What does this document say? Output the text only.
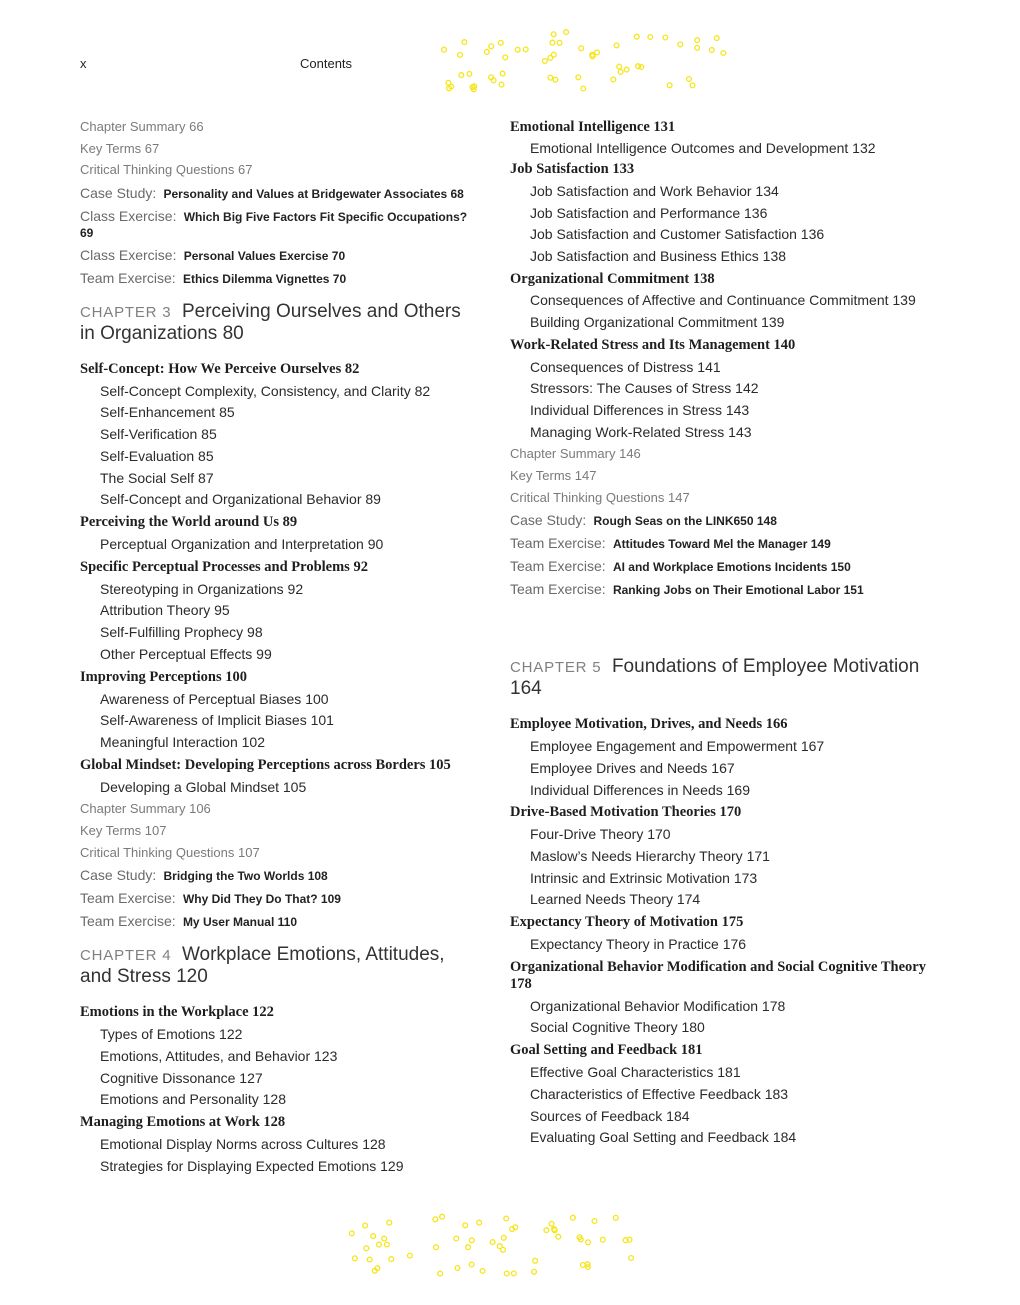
x	Contents
Chapter Summary 66
Key Terms 67
Critical Thinking Questions 67
Case Study: Personality and Values at Bridgewater Associates 68
Class Exercise: Which Big Five Factors Fit Specific Occupations? 69
Class Exercise: Personal Values Exercise 70
Team Exercise: Ethics Dilemma Vignettes 70
CHAPTER 3 Perceiving Ourselves and Others in Organizations 80
Self-Concept: How We Perceive Ourselves 82
Self-Concept Complexity, Consistency, and Clarity 82
Self-Enhancement 85
Self-Verification 85
Self-Evaluation 85
The Social Self 87
Self-Concept and Organizational Behavior 89
Perceiving the World around Us 89
Perceptual Organization and Interpretation 90
Specific Perceptual Processes and Problems 92
Stereotyping in Organizations 92
Attribution Theory 95
Self-Fulfilling Prophecy 98
Other Perceptual Effects 99
Improving Perceptions 100
Awareness of Perceptual Biases 100
Self-Awareness of Implicit Biases 101
Meaningful Interaction 102
Global Mindset: Developing Perceptions across Borders 105
Developing a Global Mindset 105
Chapter Summary 106
Key Terms 107
Critical Thinking Questions 107
Case Study: Bridging the Two Worlds 108
Team Exercise: Why Did They Do That? 109
Team Exercise: My User Manual 110
CHAPTER 4 Workplace Emotions, Attitudes, and Stress 120
Emotions in the Workplace 122
Types of Emotions 122
Emotions, Attitudes, and Behavior 123
Cognitive Dissonance 127
Emotions and Personality 128
Managing Emotions at Work 128
Emotional Display Norms across Cultures 128
Strategies for Displaying Expected Emotions 129
Emotional Intelligence 131
Emotional Intelligence Outcomes and Development 132
Job Satisfaction 133
Job Satisfaction and Work Behavior 134
Job Satisfaction and Performance 136
Job Satisfaction and Customer Satisfaction 136
Job Satisfaction and Business Ethics 138
Organizational Commitment 138
Consequences of Affective and Continuance Commitment 139
Building Organizational Commitment 139
Work-Related Stress and Its Management 140
Consequences of Distress 141
Stressors: The Causes of Stress 142
Individual Differences in Stress 143
Managing Work-Related Stress 143
Chapter Summary 146
Key Terms 147
Critical Thinking Questions 147
Case Study: Rough Seas on the LINK650 148
Team Exercise: Attitudes Toward Mel the Manager 149
Team Exercise: AI and Workplace Emotions Incidents 150
Team Exercise: Ranking Jobs on Their Emotional Labor 151
CHAPTER 5 Foundations of Employee Motivation 164
Employee Motivation, Drives, and Needs 166
Employee Engagement and Empowerment 167
Employee Drives and Needs 167
Individual Differences in Needs 169
Drive-Based Motivation Theories 170
Four-Drive Theory 170
Maslow’s Needs Hierarchy Theory 171
Intrinsic and Extrinsic Motivation 173
Learned Needs Theory 174
Expectancy Theory of Motivation 175
Expectancy Theory in Practice 176
Organizational Behavior Modification and Social Cognitive Theory 178
Organizational Behavior Modification 178
Social Cognitive Theory 180
Goal Setting and Feedback 181
Effective Goal Characteristics 181
Characteristics of Effective Feedback 183
Sources of Feedback 184
Evaluating Goal Setting and Feedback 184
